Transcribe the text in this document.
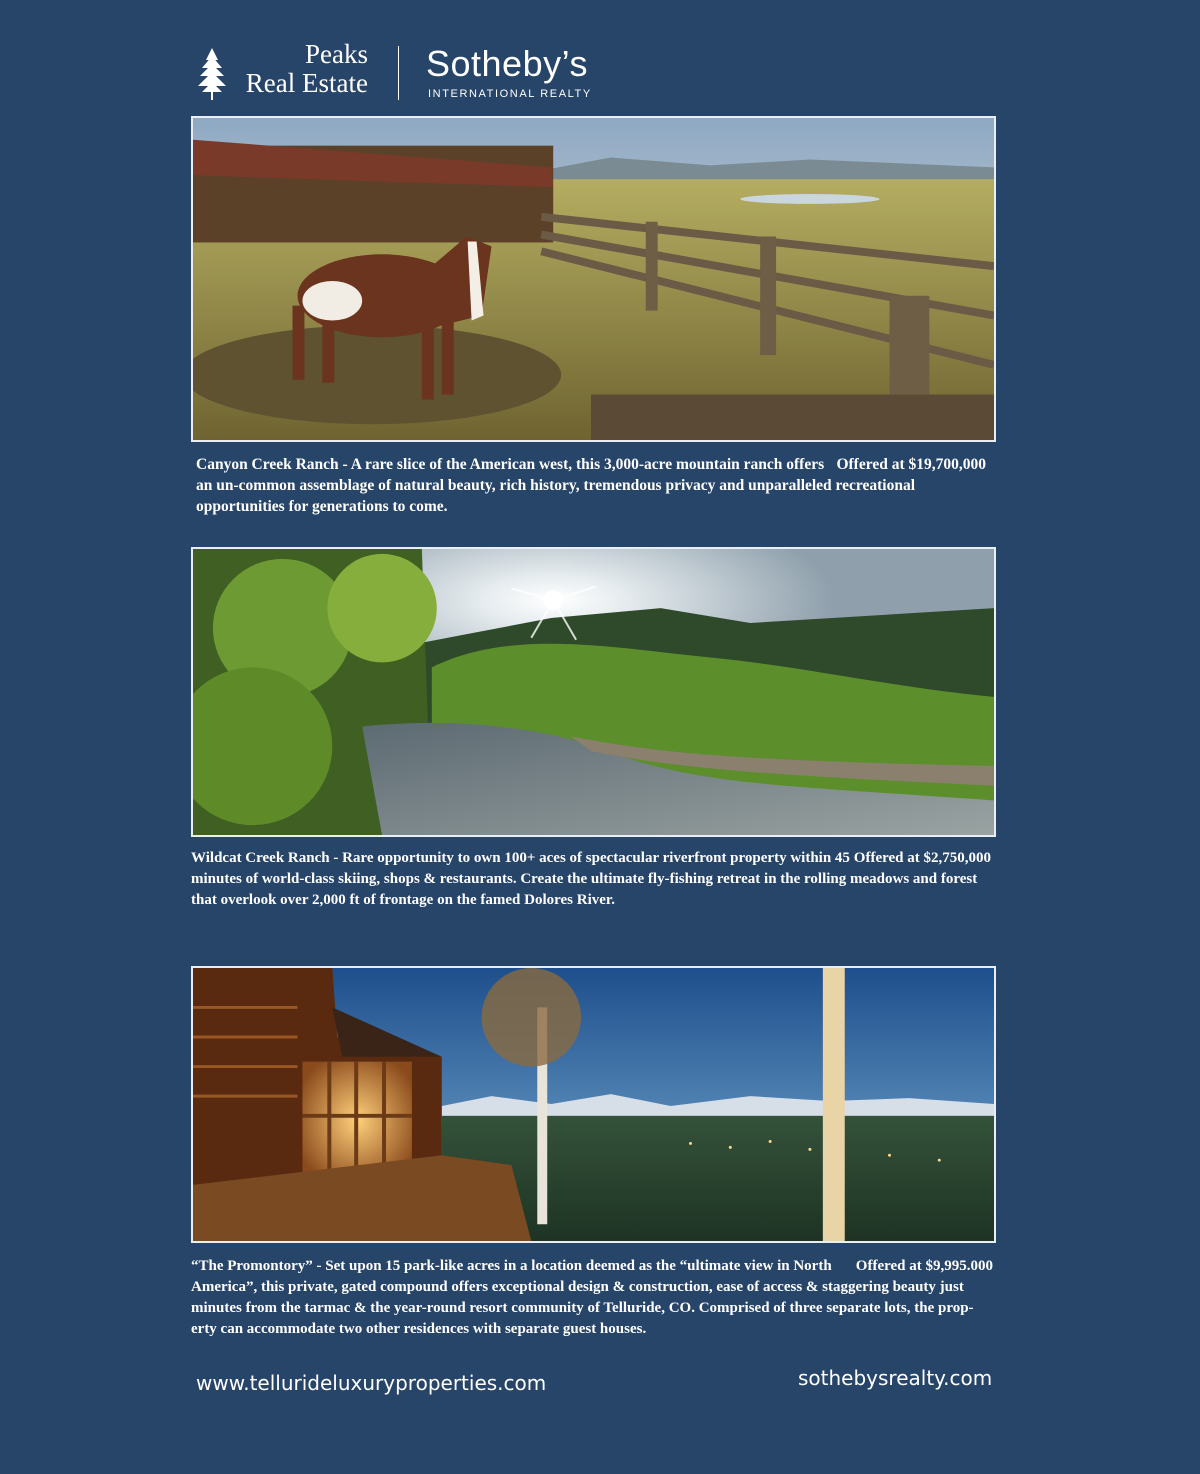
Peaks
Real Estate Sotheby’s
INTERNATIONAL REALTY
Offered at $19,700,000
Canyon Creek Ranch - A rare slice of the American west, this 3,000-acre mountain ranch offers an un-common assemblage of natural beauty, rich history, tremendous privacy and unparalleled recreational opportunities for generations to come.
Offered at $2,750,000
Wildcat Creek Ranch - Rare opportunity to own 100+ aces of spectacular riverfront property within 45 minutes of world-class skiing, shops & restaurants. Create the ultimate fly-fishing retreat in the rolling meadows and forest that overlook over 2,000 ft of frontage on the famed Dolores River.
Offered at $9,995.000
“The Promontory” - Set upon 15 park-like acres in a location deemed as the “ultimate view in North America”, this private, gated compound offers exceptional design & construction, ease of access & staggering beauty just minutes from the tarmac & the year-round resort community of Telluride, CO. Comprised of three separate lots, the prop-erty can accommodate two other residences with separate guest houses.
www.tellurideluxuryproperties.com	sothebysrealty.com
